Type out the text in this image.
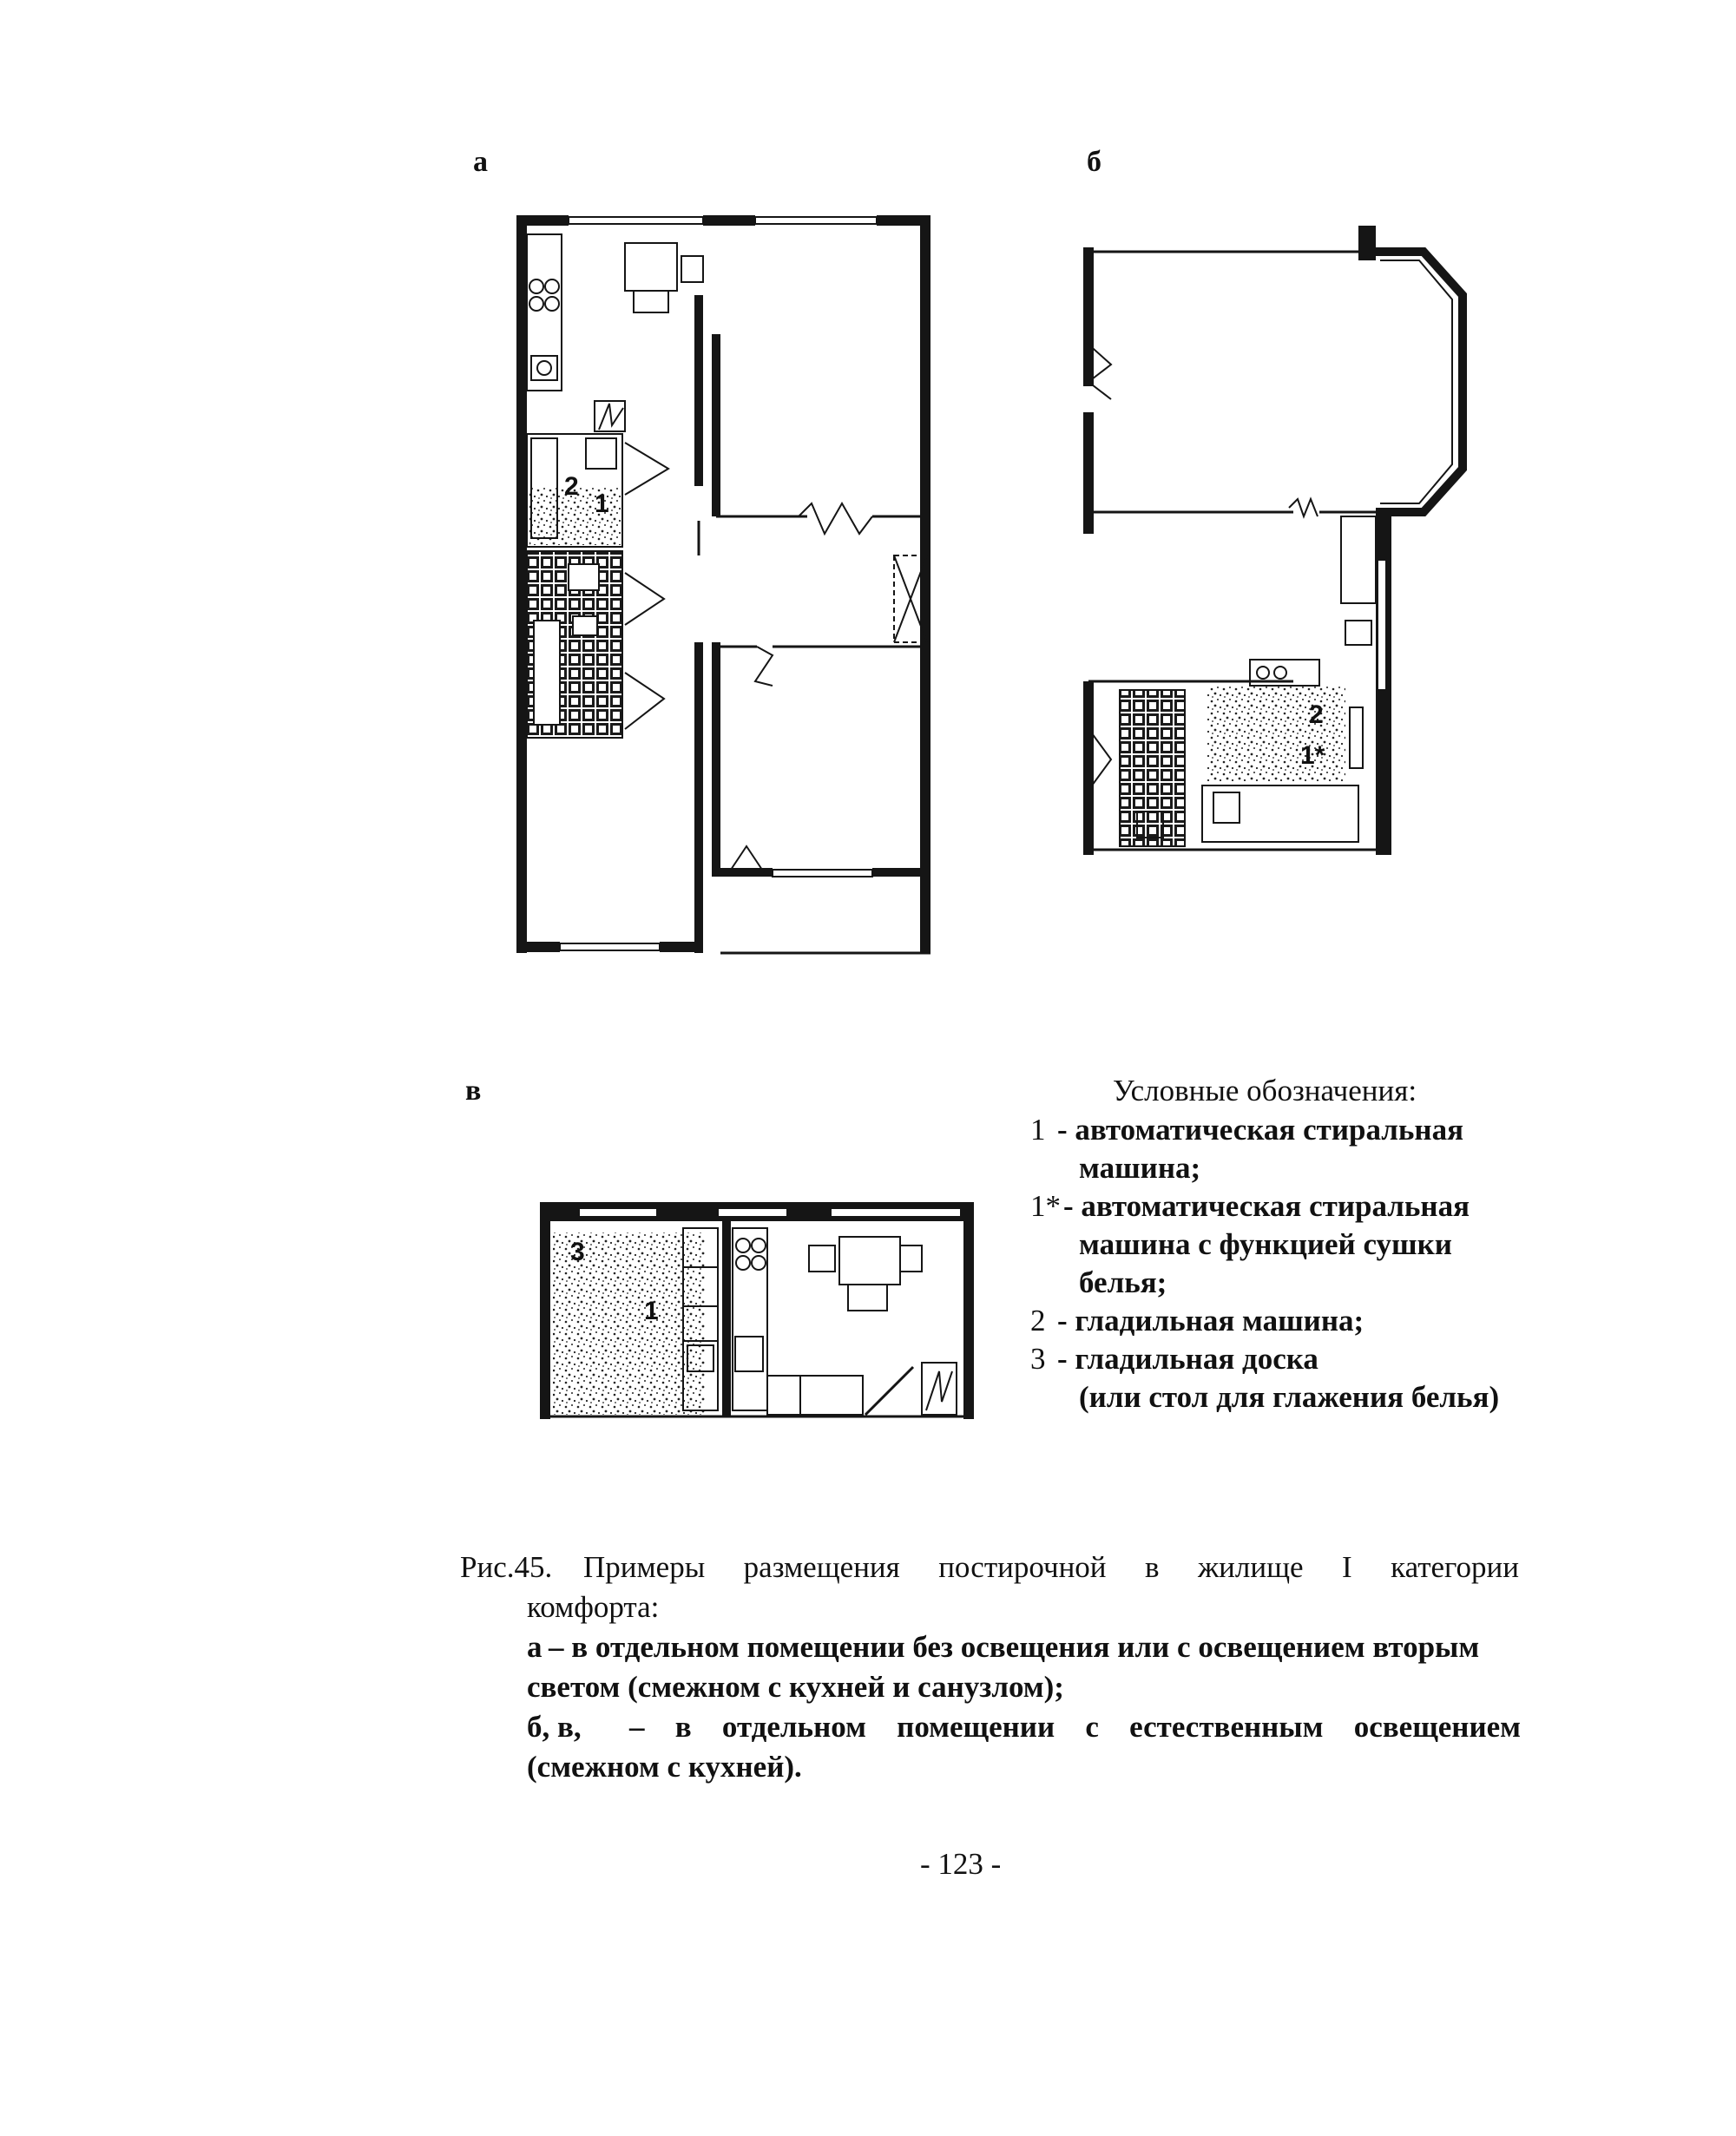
а	б
в
2
1
2
1*
3
1
Условные обозначения:
1 - автоматическая стиральная
машина;
1* - автоматическая стиральная
машина с функцией сушки
белья;
2 - гладильная машина;
3 - гладильная доска
(или стол для глажения белья)
Рис.45. Примеры размещения постирочной в жилище I категории
комфорта:
а – в отдельном помещении без освещения или с освещением вторым
светом (смежном с кухней и санузлом);
б, в, – в отдельном помещении с естественным освещением
(смежном с кухней).
- 123 -
